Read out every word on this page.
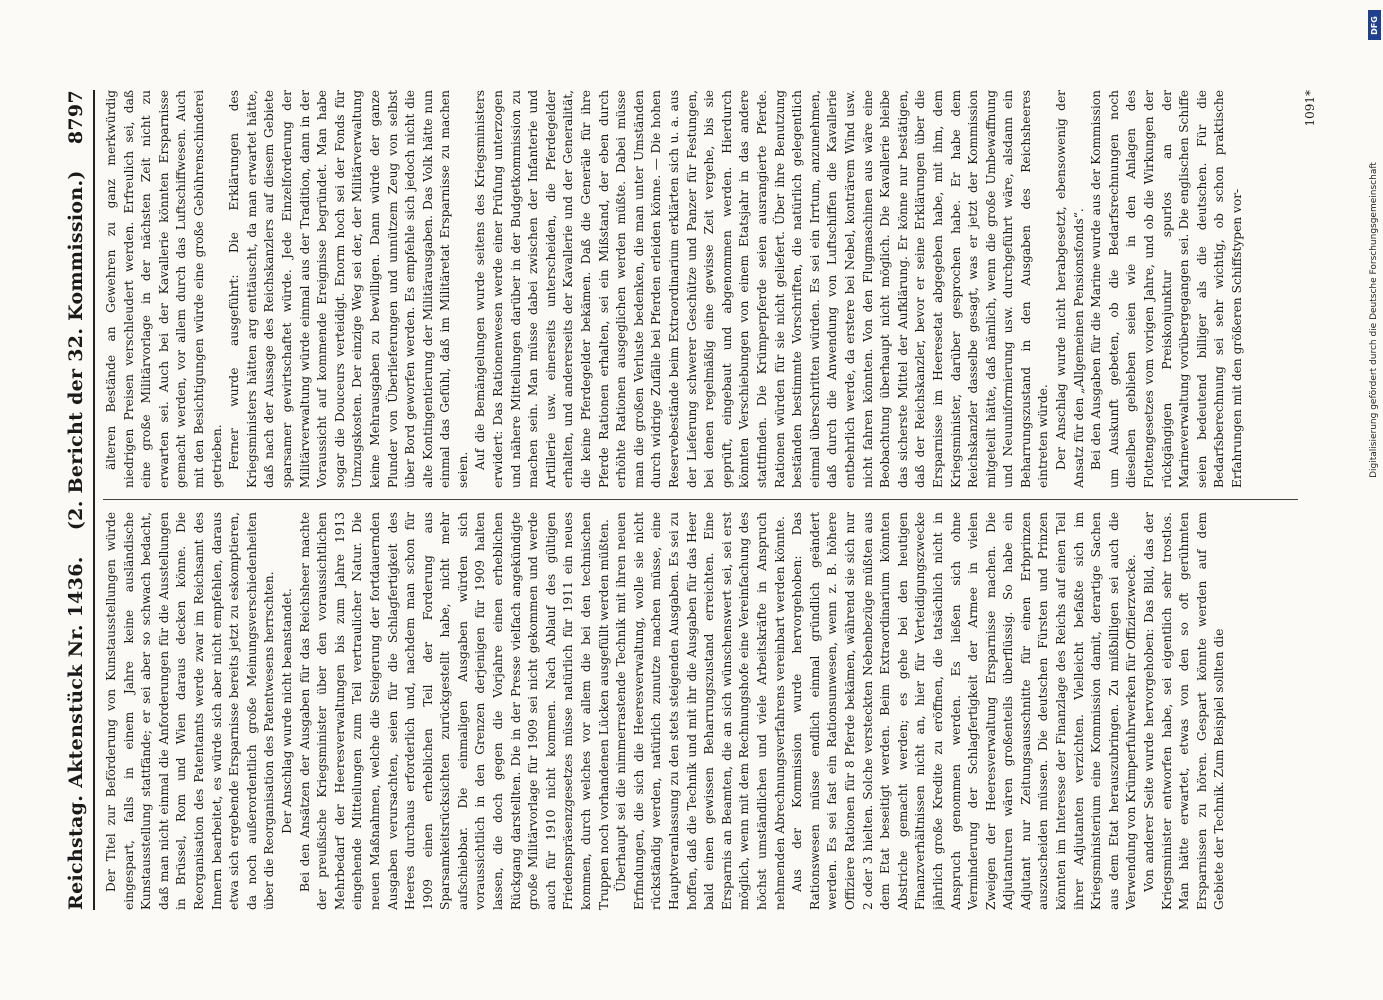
Reichstag. Aktenstück Nr. 1436.
(2. Bericht der 32. Kommission.)
8797

Der Titel zur Beförderung von Kunstausstellungen würde eingespart, falls in einem Jahre keine ausländische Kunstausstellung stattfände; er sei aber so schwach bedacht, daß man nicht einmal die Anforderungen für die Ausstellungen in Brüssel, Rom und Wien daraus decken könne. Die Reorganisation des Patentamts werde zwar im Reichsamt des Innern bearbeitet, es würde sich aber nicht empfehlen, daraus etwa sich ergebende Ersparnisse bereits jetzt zu eskomptieren, da noch außerordentlich große Meinungsverschiedenheiten über die Reorganisation des Patentwesens herrschten. Der Anschlag wurde nicht beanstandet. Bei den Ansätzen der Ausgaben für das Reichsheer machte der preußische Kriegsminister über den voraussichtlichen Mehrbedarf der Heeresverwaltungen bis zum Jahre 1913 eingehende Mitteilungen zum Teil vertraulicher Natur. Die neuen Maßnahmen, welche die Steigerung der fortdauernden Ausgaben verursachten, seien für die Schlagfertigkeit des Heeres durchaus erforderlich und, nachdem man schon für 1909 einen erheblichen Teil der Forderung aus Sparsamkeitsrücksichten zurückgestellt habe, nicht mehr aufschiebbar. Die einmaligen Ausgaben würden sich voraussichtlich in den Grenzen derjenigen für 1909 halten lassen, die doch gegen die Vorjahre einen erheblichen Rückgang darstellten. Die in der Presse vielfach angekündigte große Militärvorlage für 1909 sei nicht gekommen und werde auch für 1910 nicht kommen. Nach Ablauf des gültigen Friedenspräsenzgesetzes müsse natürlich für 1911 ein neues kommen, durch welches vor allem die bei den technischen Truppen noch vorhandenen Lücken ausgefüllt werden müßten. Überhaupt sei die nimmerrastende Technik mit ihren neuen Erfindungen, die sich die Heeresverwaltung, wolle sie nicht rückständig werden, natürlich zunutze machen müsse, eine Hauptveranlassung zu den stets steigenden Ausgaben. Es sei zu hoffen, daß die Technik und mit ihr die Ausgaben für das Heer bald einen gewissen Beharrungszustand erreichten. Eine Ersparnis an Beamten, die an sich wünschenswert sei, sei erst möglich, wenn mit dem Rechnungshofe eine Vereinfachung des höchst umständlichen und viele Arbeitskräfte in Anspruch nehmenden Abrechnungsverfahrens vereinbart werden könnte. Aus der Kommission wurde hervorgehoben: Das Rationswesen müsse endlich einmal gründlich geändert werden. Es sei fast ein Rationsunwesen, wenn z. B. höhere Offiziere Rationen für 8 Pferde bekämen, während sie sich nur 2 oder 3 hielten. Solche versteckten Nebenbezüge müßten aus dem Etat beseitigt werden. Beim Extraordinarium könnten Abstriche gemacht werden; es gehe bei den heutigen Finanzverhältnissen nicht an, hier für Verteidigungszwecke jährlich große Kredite zu eröffnen, die tatsächlich nicht in Anspruch genommen werden. Es ließen sich ohne Verminderung der Schlagfertigkeit der Armee in vielen Zweigen der Heeresverwaltung Ersparnisse machen. Die Adjutanturen wären großenteils überflüssig. So habe ein Adjutant nur Zeitungsausschnitte für einen Erbprinzen auszuscheiden müssen. Die deutschen Fürsten und Prinzen könnten im Interesse der Finanzlage des Reichs auf einen Teil ihrer Adjutanten verzichten. Vielleicht befaßte sich im Kriegsministerium eine Kommission damit, derartige Sachen aus dem Etat herauszubringen. Zu mißbilligen sei auch die Verwendung von Krümperfuhrwerken für Offizierzwecke. Von anderer Seite wurde hervorgehoben: Das Bild, das der Kriegsminister entworfen habe, sei eigentlich sehr trostlos. Man hätte erwartet, etwas von den so oft gerühmten Ersparnissen zu hören. Gespart könnte werden auf dem Gebiete der Technik. Zum Beispiel sollten die

älteren Bestände an Gewehren zu ganz merkwürdig niedrigen Preisen verschleudert werden. Erfreulich sei, daß eine große Militärvorlage in der nächsten Zeit nicht zu erwarten sei. Auch bei der Kavallerie könnten Ersparnisse gemacht werden, vor allem durch das Luftschiffwesen. Auch mit den Besichtigungen würde eine große Gebührenschinderei getrieben. Ferner wurde ausgeführt: Die Erklärungen des Kriegsministers hätten arg enttäuscht, da man erwartet hätte, daß nach der Aussage des Reichskanzlers auf diesem Gebiete sparsamer gewirtschaftet würde. Jede Einzelforderung der Militärverwaltung würde einmal aus der Tradition, dann in der Voraussicht auf kommende Ereignisse begründet. Man habe sogar die Douceurs verteidigt. Enorm hoch sei der Fonds für Umzugskosten. Der einzige Weg sei der, der Militärverwaltung keine Mehrausgaben zu bewilligen. Dann würde der ganze Plunder von Überlieferungen und unnützem Zeug von selbst über Bord geworfen werden. Es empfehle sich jedoch nicht die alte Kontingentierung der Militärausgaben. Das Volk hätte nun einmal das Gefühl, daß im Militäretat Ersparnisse zu machen seien. Auf die Bemängelungen wurde seitens des Kriegsministers erwidert: Das Rationenwesen werde einer Prüfung unterzogen und nähere Mitteilungen darüber in der Budgetkommission zu machen sein. Man müsse dabei zwischen der Infanterie und Artillerie usw. einerseits unterscheiden, die Pferdegelder erhalten, und andererseits der Kavallerie und der Generalität, die keine Pferdegelder bekämen. Daß die Generäle für ihre Pferde Rationen erhalten, sei ein Mißstand, der eben durch erhöhte Rationen ausgeglichen werden müßte. Dabei müsse man die großen Verluste bedenken, die man unter Umständen durch widrige Zufälle bei Pferden erleiden könne. — Die hohen Reservebestände beim Extraordinarium erklärten sich u. a. aus der Lieferung schwerer Geschütze und Panzer für Festungen, bei denen regelmäßig eine gewisse Zeit vergehe, bis sie geprüft, eingebaut und abgenommen werden. Hierdurch könnten Verschiebungen von einem Etatsjahr in das andere stattfinden. Die Krümperpferde seien ausrangierte Pferde. Rationen würden für sie nicht geliefert. Über ihre Benutzung beständen bestimmte Vorschriften, die natürlich gelegentlich einmal überschritten würden. Es sei ein Irrtum, anzunehmen, daß durch die Anwendung von Luftschiffen die Kavallerie entbehrlich werde, da erstere bei Nebel, konträrem Wind usw. nicht fahren könnten. Von den Flugmaschinen aus wäre eine Beobachtung überhaupt nicht möglich. Die Kavallerie bleibe das sicherste Mittel der Aufklärung. Er könne nur bestätigen, daß der Reichskanzler, bevor er seine Erklärungen über die Ersparnisse im Heeresetat abgegeben habe, mit ihm, dem Kriegsminister, darüber gesprochen habe. Er habe dem Reichskanzler dasselbe gesagt, was er jetzt der Kommission mitgeteilt hätte, daß nämlich, wenn die große Umbewaffnung und Neuuniformierung usw. durchgeführt wäre, alsdann ein Beharrungszustand in den Ausgaben des Reichsheeres eintreten würde. Der Anschlag wurde nicht herabgesetzt, ebensowenig der Ansatz für den „Allgemeinen Pensionsfonds“. Bei den Ausgaben für die Marine wurde aus der Kommission um Auskunft gebeten, ob die Bedarfsrechnungen noch dieselben geblieben seien wie in den Anlagen des Flottengesetzes vom vorigen Jahre, und ob die Wirkungen der rückgängigen Preiskonjunktur spurlos an der Marineverwaltung vorübergegangen sei. Die englischen Schiffe seien bedeutend billiger als die deutschen. Für die Bedarfsberechnung sei sehr wichtig, ob schon praktische Erfahrungen mit den größeren Schiffstypen vor-

1091*
DFG
Digitalisierung gefördert durch die Deutsche Forschungsgemeinschaft
